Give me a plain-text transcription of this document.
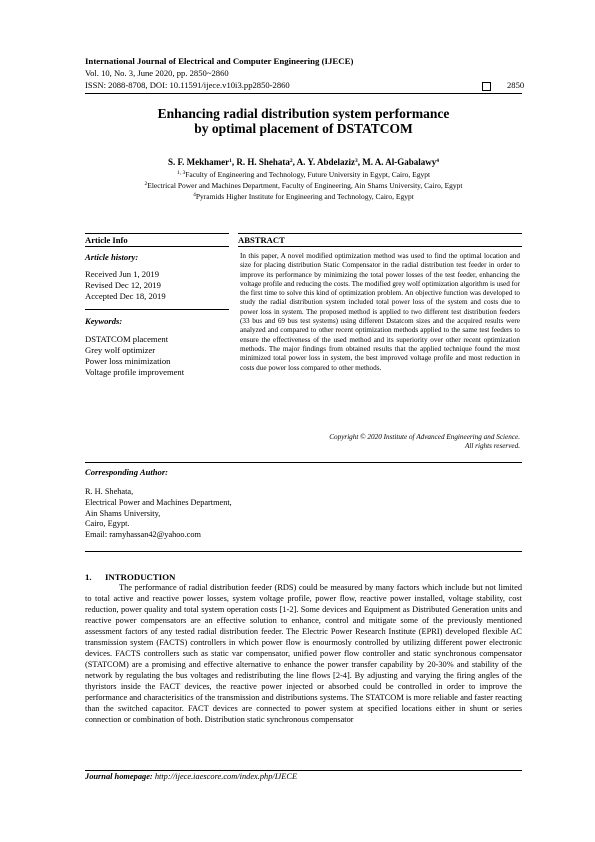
International Journal of Electrical and Computer Engineering (IJECE)
Vol. 10, No. 3, June 2020, pp. 2850~2860
ISSN: 2088-8708, DOI: 10.11591/ijece.v10i3.pp2850-2860	2850
Enhancing radial distribution system performance
by optimal placement of DSTATCOM
S. F. Mekhamer$^1$, R. H. Shehata$^2$, A. Y. Abdelaziz$^3$, M. A. Al-Gabalawy$^4$
$^{1, 3}$Faculty of Engineering and Technology, Future University in Egypt, Cairo, Egypt
$^2$Electrical Power and Machines Department, Faculty of Engineering, Ain Shams University, Cairo, Egypt
$^4$Pyramids Higher Institute for Engineering and Technology, Cairo, Egypt
Article Info	ABSTRACT
Article history:
Received Jun 1, 2019
Revised Dec 12, 2019
Accepted Dec 18, 2019
Keywords:
DSTATCOM placement
Grey wolf optimizer
Power loss minimization
Voltage profile improvement
In this paper, A novel modified optimization method was used to find the optimal location and size for placing distribution Static Compensator in the radial distribution test feeder in order to improve its performance by minimizing the total power losses of the test feeder, enhancing the voltage profile and reducing the costs. The modified grey wolf optimization algorithm is used for the first time to solve this kind of optimization problem. An objective function was developed to study the radial distribution system included total power loss of the system and costs due to power loss in system. The proposed method is applied to two different test distribution feeders (33 bus and 69 bus test systems) using different Dstatcom sizes and the acquired results were analyzed and compared to other recent optimization methods applied to the same test feeders to ensure the effectiveness of the used method and its superiority over other recent optimization methods. The major findings from obtained results that the applied technique found the most minimized total power loss in system, the best improved voltage profile and most reduction in costs due power loss compared to other methods.
Copyright © 2020 Institute of Advanced Engineering and Science.
All rights reserved.
Corresponding Author:
R. H. Shehata,
Electrical Power and Machines Department,
Ain Shams University,
Cairo, Egypt.
Email: ramyhassan42@yahoo.com
1. INTRODUCTION
The performance of radial distribution feeder (RDS) could be measured by many factors which include but not limited to total active and reactive power losses, system voltage profile, power flow, reactive power installed, voltage stability, cost reduction, power quality and total system operation costs [1-2]. Some devices and Equipment as Distributed Generation units and reactive power compensators are an effective solution to enhance, control and mitigate some of the previously mentioned assessment factors of any tested radial distribution feeder. The Electric Power Research Institute (EPRI) developed flexible AC transmission system (FACTS) controllers in which power flow is enourmosly controlled by utilizing different power electronic devices. FACTS controllers such as static var compensator, unified power flow controller and static synchronous compensator (STATCOM) are a promising and effective alternative to enhance the power transfer capability by 20-30% and stability of the network by regulating the bus voltages and redistributing the line flows [2-4]. By adjusting and varying the firing angles of the thyristors inside the FACT devices, the reactive power injected or absorbed could be controlled in order to improve the performance and characterisitics of the transmission and distributions systems. The STATCOM is more reliable and faster reacting than the switched capacitor. FACT devices are connected to power system at specified locations either in shunt or series connection or combination of both. Distribution static synchronous compensator
Journal homepage: http://ijece.iaescore.com/index.php/IJECE
